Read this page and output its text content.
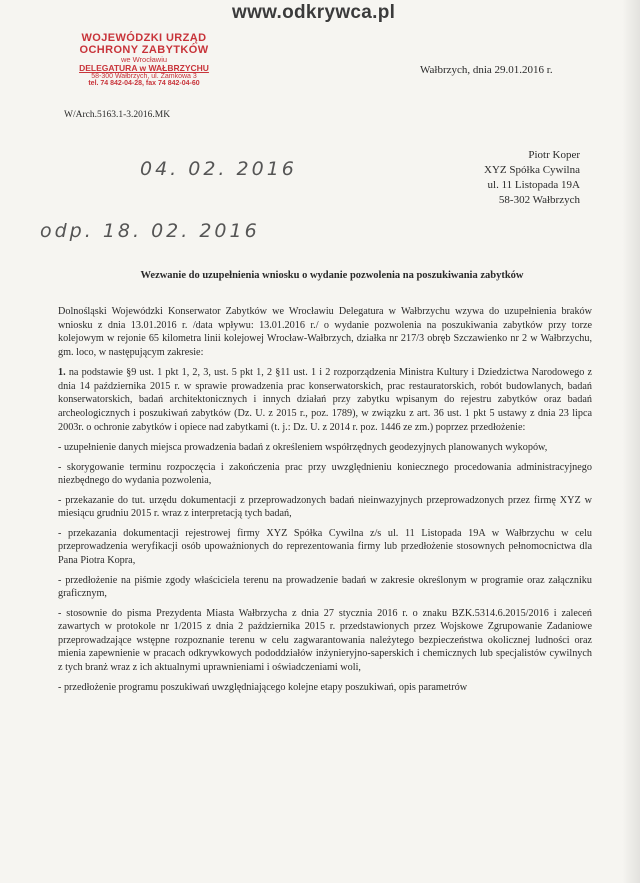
www.odkrywca.pl
WOJEWÓDZKI URZĄD
OCHRONY ZABYTKÓW
we Wrocławiu
DELEGATURA w WAŁBRZYCHU
58-300 Wałbrzych, ul. Zamkowa 3
tel. 74 842-04-28, fax 74 842-04-60
Wałbrzych, dnia 29.01.2016 r.
W/Arch.5163.1-3.2016.MK
Piotr Koper
XYZ Spółka Cywilna
ul. 11 Listopada 19A
58-302 Wałbrzych
04. 02. 2016
odp. 18. 02. 2016
Wezwanie do uzupełnienia wniosku o wydanie pozwolenia na poszukiwania zabytków

Dolnośląski Wojewódzki Konserwator Zabytków we Wrocławiu Delegatura w Wałbrzychu wzywa do uzupełnienia braków wniosku z dnia 13.01.2016 r. /data wpływu: 13.01.2016 r./ o wydanie pozwolenia na poszukiwania zabytków przy torze kolejowym w rejonie 65 kilometra linii kolejowej Wrocław-Wałbrzych, działka nr 217/3 obręb Szczawienko nr 2 w Wałbrzychu, gm. loco, w następującym zakresie:

1. na podstawie §9 ust. 1 pkt 1, 2, 3, ust. 5 pkt 1, 2 §11 ust. 1 i 2 rozporządzenia Ministra Kultury i Dziedzictwa Narodowego z dnia 14 października 2015 r. w sprawie prowadzenia prac konserwatorskich, prac restauratorskich, robót budowlanych, badań konserwatorskich, badań architektonicznych i innych działań przy zabytku wpisanym do rejestru zabytków oraz badań archeologicznych i poszukiwań zabytków (Dz. U. z 2015 r., poz. 1789), w związku z art. 36 ust. 1 pkt 5 ustawy z dnia 23 lipca 2003r. o ochronie zabytków i opiece nad zabytkami (t. j.: Dz. U. z 2014 r. poz. 1446 ze zm.) poprzez przedłożenie:

- uzupełnienie danych miejsca prowadzenia badań z określeniem współrzędnych geodezyjnych planowanych wykopów,
- skorygowanie terminu rozpoczęcia i zakończenia prac przy uwzględnieniu koniecznego procedowania administracyjnego niezbędnego do wydania pozwolenia,
- przekazanie do tut. urzędu dokumentacji z przeprowadzonych badań nieinwazyjnych przeprowadzonych przez firmę XYZ w miesiącu grudniu 2015 r. wraz z interpretacją tych badań,
- przekazania dokumentacji rejestrowej firmy XYZ Spółka Cywilna z/s ul. 11 Listopada 19A w Wałbrzychu w celu przeprowadzenia weryfikacji osób upoważnionych do reprezentowania firmy lub przedłożenie stosownych pełnomocnictwa dla Pana Piotra Kopra,
- przedłożenie na piśmie zgody właściciela terenu na prowadzenie badań w zakresie określonym w programie oraz załączniku graficznym,
- stosownie do pisma Prezydenta Miasta Wałbrzycha z dnia 27 stycznia 2016 r. o znaku BZK.5314.6.2015/2016 i zaleceń zawartych w protokole nr 1/2015 z dnia 2 października 2015 r. przedstawionych przez Wojskowe Zgrupowanie Zadaniowe przeprowadzające wstępne rozpoznanie terenu w celu zagwarantowania należytego bezpieczeństwa okolicznej ludności oraz mienia zapewnienie w pracach odkrywkowych pododdziałów inżynieryjno-saperskich i chemicznych lub specjalistów cywilnych z tych branż wraz z ich aktualnymi uprawnieniami i oświadczeniami woli,
- przedłożenie programu poszukiwań uwzględniającego kolejne etapy poszukiwań, opis parametrów
